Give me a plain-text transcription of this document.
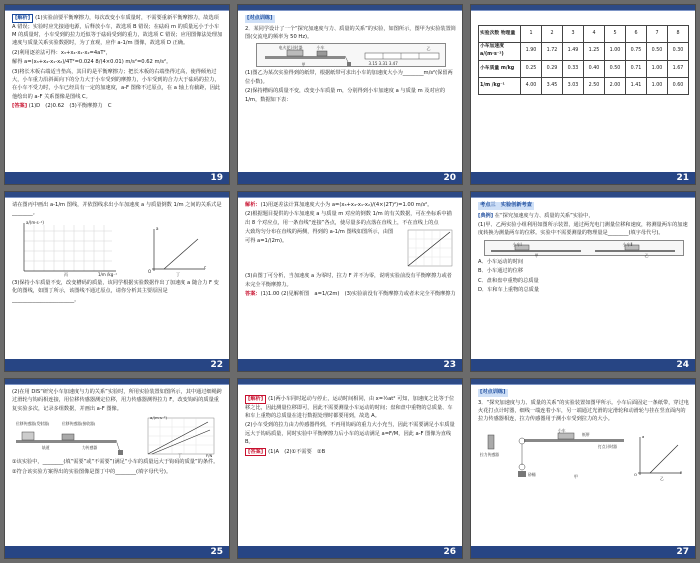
[解析] (1)实验前要平衡摩擦力，每次改变小车质量时，不需要重新平衡摩擦力，故选项 A 错误；实验时应先接通电源，后释放小车，故选项 B 错误；在砝码 m 的质量远小于小车 M 的质量时，小车受到的拉力近似等于砝码受到的重力，故选项 C 错误；应用图像法处理加速度与质量关系实验数据时，为了直观，应作 a-1/m 图像，故选项 D 正确。
(2)利用逐差法可得：x₃+x₄-x₁-x₂=4aT²，
解得 a=(x₃+x₄-x₁-x₂)/4T²=0.024 8/(4×0.01) m/s²=0.62 m/s²。
(3)将长木板右端适当垫高，其目的是平衡摩擦力；把长木板的右端垫得过高，使得倾角过大，小车重力沿斜面向下的分力大于小车受到的摩擦力，小车受到的合力大于砝码的拉力，在小车不受力时，小车已经具有一定的加速度，a-F 图像不过原点，在 a 轴上有截距，因此他绘出的 a-F 关系图像是图线 C。
[答案] (1)D　(2)0.62　(3)平衡摩擦力　C
19
[对点训练]
2．某同学设计了一个“探究加速度与力、质量的关系”的实验，如图所示，图甲为实验装置简图(交流电的频率为 50 Hz)。
电火花计时器	小车
3.15 3.31 3.47
甲
乙
(1)图乙为某次实验得到的纸带，根据纸带可求出小车的加速度大小为________m/s²(保留两位小数)。
(2)保持槽码的质量不变，改变小车质量 m，分别得到小车加速度 a 与质量 m 及对应的 1/m，数据如下表：
20
实验次数 物理量	1	2	3	4	5	6	7	8
小车加速度 a/(m·s⁻²)	1.90	1.72	1.49	1.25	1.00	0.75	0.50	0.30
小车质量 m/kg	0.25	0.29	0.33	0.40	0.50	0.71	1.00	1.67
1/m /kg⁻¹	4.00	3.45	3.03	2.50	2.00	1.41	1.00	0.60
21
请在图丙中画出 a-1/m 图线，并依图线求出小车加速度 a 与质量倒数 1/m 之间的关系式是________。
a/(m·s⁻²)
1/m /kg⁻¹
丙
a
F
O
丁
(3)保持小车质量不变，改变槽码的质量，该同学根据实验数据作出了加速度 a 随合力 F 变化的图线，如图丁所示，该图线不通过原点，请你分析其主要原因是________________________。
22
解析：(1)用逐差法计算加速度大小为 a=(x₃+x₄-x₁-x₂)/(4×(2T)²)=1.00 m/s²。
(2)根据题目提供的小车加速度 a 与质量 m 对应的倒数 1/m 的有关数据，可在坐标系中描出 8 个对应点，用一条直线“连接”各点，使尽量多的点落在直线上，不在直线上的点
大致均匀分布在直线的两侧，得到的 a-1/m 图线如图所示，由图可得 a=1/(2m)。
(3)由图丁可分析，当加速度 a 为零时，拉力 F 并不为零，说明实验前没有平衡摩擦力或者未完全平衡摩擦力。
答案：(1)1.00 (2)见解析图　a=1/(2m)　(3)实验前没有平衡摩擦力或者未完全平衡摩擦力
23
考点三　实验创新考查
[典例] 在“探究加速度与力、质量的关系”实验中，
(1)甲、乙两实验小组利用如图所示装置，通过两光电门测量位移和速度，将测量两车的加速度转换为测量两车的位移。实验中不需要测量的物理量是________(填字母代号)。
小车Ⅰ	小车Ⅱ
甲	乙
A．小车运动的时间
B．小车通过的位移
C．盘和盘中重物的总质量
D．车和车上重物的总质量
24
(2)在用 DIS“研究小车加速度与力的关系”实验时，所用实验装置如图所示，其中通过细绳跨过滑轮与钩码相连接，用位移传感器测定位移，用力传感器测得拉力 F，改变钩码的质量重复实验多次，记录多组数据，并画出 a-F 图像。
位移传感器(发射器)	位移传感器(接收器)
力传感器
轨道
a/(m·s⁻²)
F/N
丁
①该实验中，________(填“需要”或“不需要”)满足“小车的质量远大于钩码的质量”的条件。
②符合该实验方案得出的实验图像是图丁中的________(填字母代号)。
25
[解析] (1)两小车同时起动与停止，运动时间相同，由 x=½at² 可知，加速度之比等于位移之比，因此测量位移即可，因此不需要测量小车运动的时间；盘和盘中重物的总质量、车和车上重物的总质量在进行数据处理时都要用到，故选 A。
(2)小车受到的拉力由力传感器得到，不再用钩码的重力大小充当，因此不需要满足小车质量远大于钩码质量，同时实验中平衡摩擦力后小车的运动满足 a=F/M，因此 a-F 图像为直线 B。
[答案] (1)A　(2)①不需要　②B
26
[对点训练]
3．“探究加速度与力、质量的关系”的实验装置如图甲所示。小车后面固定一条纸带，穿过电火花打点计时器，细线一端连着小车，另一端通过光滑的定滑轮和动滑轮与挂在竖直面内的拉力传感器相连，拉力传感器用于测小车受到拉力的大小。
纸带
小车
打点计时器
拉力传感器
砂桶	甲
a
F
O
乙
27
